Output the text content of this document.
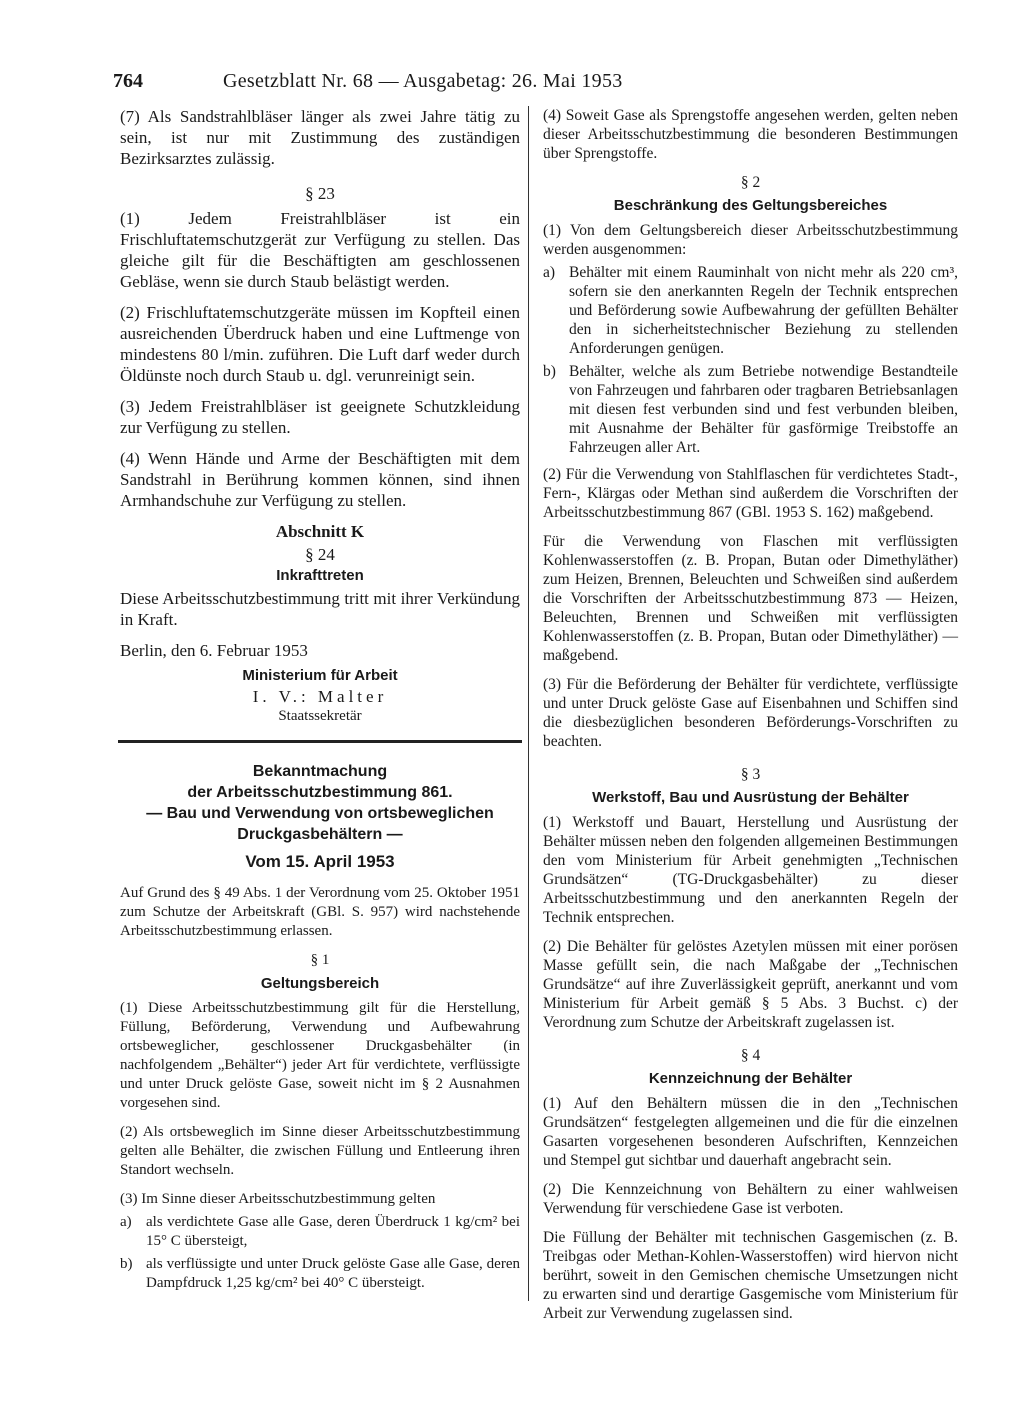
764	Gesetzblatt Nr. 68 — Ausgabetag: 26. Mai 1953

(7) Als Sandstrahlbläser länger als zwei Jahre tätig zu sein, ist nur mit Zustimmung des zuständigen Bezirksarztes zulässig.

§ 23

(1) Jedem Freistrahlbläser ist ein Frischluftatemschutzgerät zur Verfügung zu stellen. Das gleiche gilt für die Beschäftigten am geschlossenen Gebläse, wenn sie durch Staub belästigt werden.

(2) Frischluftatemschutzgeräte müssen im Kopfteil einen ausreichenden Überdruck haben und eine Luftmenge von mindestens 80 l/min. zuführen. Die Luft darf weder durch Öldünste noch durch Staub u. dgl. verunreinigt sein.

(3) Jedem Freistrahlbläser ist geeignete Schutzkleidung zur Verfügung zu stellen.

(4) Wenn Hände und Arme der Beschäftigten mit dem Sandstrahl in Berührung kommen können, sind ihnen Armhandschuhe zur Verfügung zu stellen.

Abschnitt K

§ 24

Inkrafttreten

Diese Arbeitsschutzbestimmung tritt mit ihrer Verkündung in Kraft.

Berlin, den 6. Februar 1953

Ministerium für Arbeit

I. V.: Malter

Staatssekretär

Bekanntmachung

der Arbeitsschutzbestimmung 861.

— Bau und Verwendung von ortsbeweglichen

Druckgasbehältern —

Vom 15. April 1953

Auf Grund des § 49 Abs. 1 der Verordnung vom 25. Oktober 1951 zum Schutze der Arbeitskraft (GBl. S. 957) wird nachstehende Arbeitsschutzbestimmung erlassen.

§ 1

Geltungsbereich

(1) Diese Arbeitsschutzbestimmung gilt für die Herstellung, Füllung, Beförderung, Verwendung und Aufbewahrung ortsbeweglicher, geschlossener Druckgasbehälter (in nachfolgendem „Behälter“) jeder Art für verdichtete, verflüssigte und unter Druck gelöste Gase, soweit nicht im § 2 Ausnahmen vorgesehen sind.

(2) Als ortsbeweglich im Sinne dieser Arbeitsschutzbestimmung gelten alle Behälter, die zwischen Füllung und Entleerung ihren Standort wechseln.

(3) Im Sinne dieser Arbeitsschutzbestimmung gelten

a) als verdichtete Gase alle Gase, deren Überdruck 1 kg/cm² bei 15° C übersteigt,
b) als verflüssigte und unter Druck gelöste Gase alle Gase, deren Dampfdruck 1,25 kg/cm² bei 40° C übersteigt.

(4) Soweit Gase als Sprengstoffe angesehen werden, gelten neben dieser Arbeitsschutzbestimmung die besonderen Bestimmungen über Sprengstoffe.

§ 2

Beschränkung des Geltungsbereiches

(1) Von dem Geltungsbereich dieser Arbeitsschutzbestimmung werden ausgenommen:

a) Behälter mit einem Rauminhalt von nicht mehr als 220 cm³, sofern sie den anerkannten Regeln der Technik entsprechen und Beförderung sowie Aufbewahrung der gefüllten Behälter den in sicherheitstechnischer Beziehung zu stellenden Anforderungen genügen.
b) Behälter, welche als zum Betriebe notwendige Bestandteile von Fahrzeugen und fahrbaren oder tragbaren Betriebsanlagen mit diesen fest verbunden sind und fest verbunden bleiben, mit Ausnahme der Behälter für gasförmige Treibstoffe an Fahrzeugen aller Art.

(2) Für die Verwendung von Stahlflaschen für verdichtetes Stadt-, Fern-, Klärgas oder Methan sind außerdem die Vorschriften der Arbeitsschutzbestimmung 867 (GBl. 1953 S. 162) maßgebend.

Für die Verwendung von Flaschen mit verflüssigten Kohlenwasserstoffen (z. B. Propan, Butan oder Dimethyläther) zum Heizen, Brennen, Beleuchten und Schweißen sind außerdem die Vorschriften der Arbeitsschutzbestimmung 873 — Heizen, Beleuchten, Brennen und Schweißen mit verflüssigten Kohlenwasserstoffen (z. B. Propan, Butan oder Dimethyläther) — maßgebend.

(3) Für die Beförderung der Behälter für verdichtete, verflüssigte und unter Druck gelöste Gase auf Eisenbahnen und Schiffen sind die diesbezüglichen besonderen Beförderungs-Vorschriften zu beachten.

§ 3

Werkstoff, Bau und Ausrüstung der Behälter

(1) Werkstoff und Bauart, Herstellung und Ausrüstung der Behälter müssen neben den folgenden allgemeinen Bestimmungen den vom Ministerium für Arbeit genehmigten „Technischen Grundsätzen“ (TG-Druckgasbehälter) zu dieser Arbeitsschutzbestimmung und den anerkannten Regeln der Technik entsprechen.

(2) Die Behälter für gelöstes Azetylen müssen mit einer porösen Masse gefüllt sein, die nach Maßgabe der „Technischen Grundsätze“ auf ihre Zuverlässigkeit geprüft, anerkannt und vom Ministerium für Arbeit gemäß § 5 Abs. 3 Buchst. c) der Verordnung zum Schutze der Arbeitskraft zugelassen ist.

§ 4

Kennzeichnung der Behälter

(1) Auf den Behältern müssen die in den „Technischen Grundsätzen“ festgelegten allgemeinen und die für die einzelnen Gasarten vorgesehenen besonderen Aufschriften, Kennzeichen und Stempel gut sichtbar und dauerhaft angebracht sein.

(2) Die Kennzeichnung von Behältern zu einer wahlweisen Verwendung für verschiedene Gase ist verboten.

Die Füllung der Behälter mit technischen Gasgemischen (z. B. Treibgas oder Methan-Kohlen-Wasserstoffen) wird hiervon nicht berührt, soweit in den Gemischen chemische Umsetzungen nicht zu erwarten sind und derartige Gasgemische vom Ministerium für Arbeit zur Verwendung zugelassen sind.
